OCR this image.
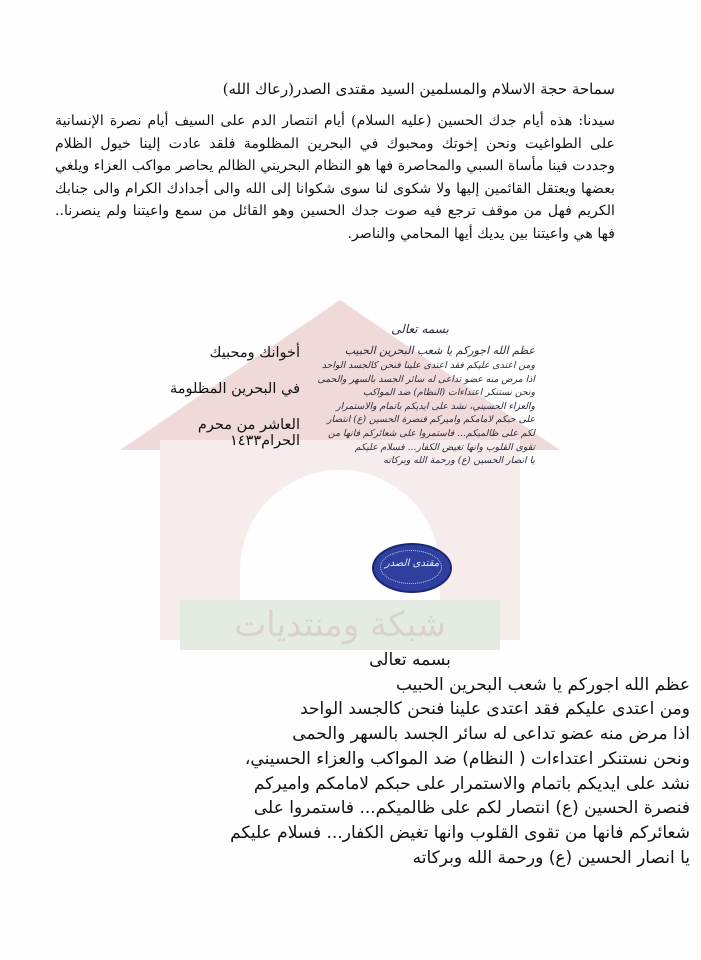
شبكة ومنتديات

سماحة حجة الاسلام والمسلمين السيد مقتدى الصدر(رعاك الله)

سيدنا: هذه أيام جدك الحسين (عليه السلام) أيام انتصار الدم على السيف أيام نصرة الإنسانية على الطواغيت ونحن إخوتك ومحبوك في البحرين المظلومة فلقد عادت إلينا خيول الظلام وجددت فينا مأساة السبي والمحاصرة فها هو النظام البحريني الظالم يحاصر مواكب العزاء ويلغي بعضها ويعتقل القائمين إليها ولا شكوى لنا سوى شكوانا إلى الله والى أجدادك الكرام والى جنابك الكريم فهل من موقف ترجع فيه صوت جدك الحسين وهو القائل من سمع واعيتنا ولم ينصرنا.. فها هي واعيتنا بين يديك أيها المحامي والناصر.

أخوانك ومحبيك
في البحرين المظلومة
العاشر من محرم الحرام١٤٣٣
بسمه تعالى
عظم الله اجوركم يا شعب البحرين الحبيب
ومن اعتدى عليكم فقد اعتدى علينا فنحن كالجسد الواحد
اذا مرض منه عضو تداعى له سائر الجسد بالسهر والحمى
ونحن نستنكر اعتداءات (النظام) ضد المواكب
والعزاء الحسيني، نشد على ايديكم باتمام والاستمرار
على حبكم لامامكم واميركم فنصرة الحسين (ع) انتصار
لكم على ظالميكم... فاستمروا على شعائركم فانها من
تقوى القلوب وانها تغيض الكفار... فسلام عليكم
يا انصار الحسين (ع) ورحمة الله وبركاته
مقتدى الصدر

بسمه تعالى

عظم الله اجوركم يا شعب البحرين الحبيب

ومن اعتدى عليكم فقد اعتدى علينا فنحن كالجسد الواحد

اذا مرض منه عضو تداعى له سائر الجسد بالسهر والحمى

ونحن نستنكر اعتداءات ( النظام) ضد المواكب والعزاء الحسيني،

نشد على ايديكم باتمام والاستمرار على حبكم لامامكم واميركم

فنصرة الحسين (ع) انتصار لكم على ظالميكم... فاستمروا على

شعائركم فانها من تقوى القلوب وانها تغيض الكفار... فسلام عليكم

يا انصار الحسين (ع) ورحمة الله وبركاته
